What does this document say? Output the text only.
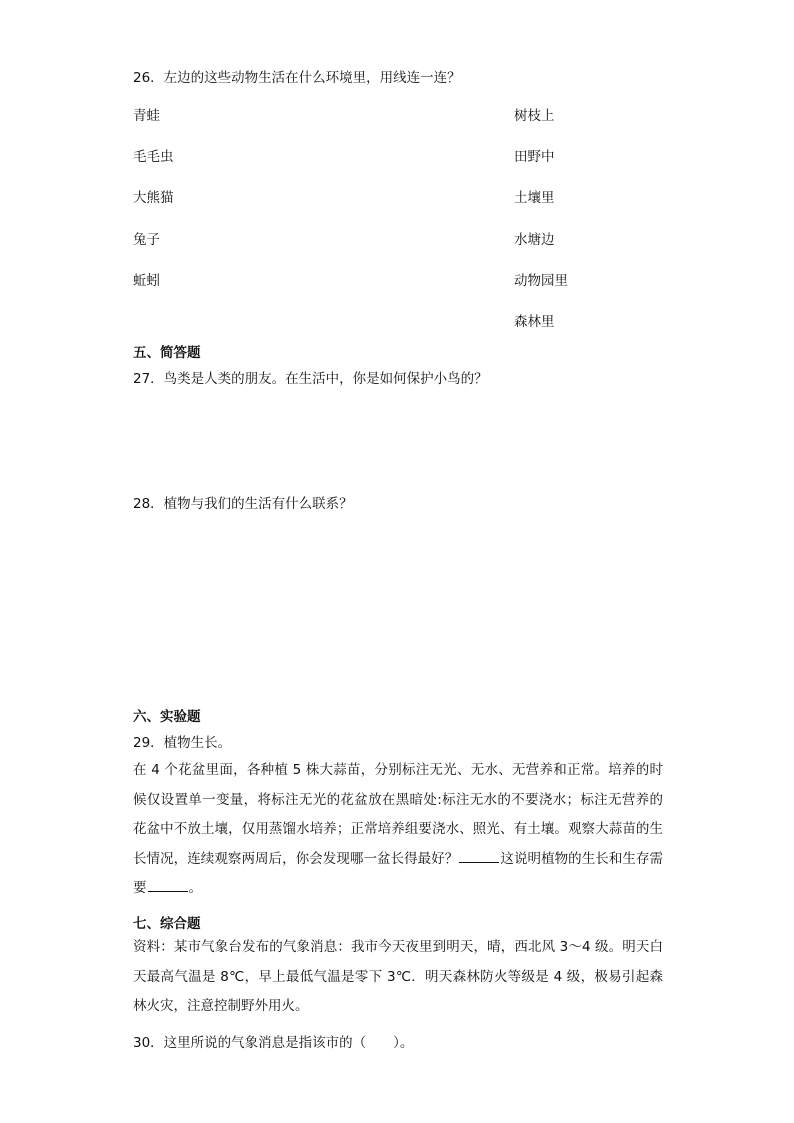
26．左边的这些动物生活在什么环境里，用线连一连？
青蛙
毛毛虫
大熊猫
兔子
蚯蚓
树枝上
田野中
土壤里
水塘边
动物园里
森林里
五、简答题
27．鸟类是人类的朋友。在生活中，你是如何保护小鸟的？
28．植物与我们的生活有什么联系？
六、实验题
29．植物生长。
在 4 个花盆里面，各种植 5 株大蒜苗，分别标注无光、无水、无营养和正常。培养的时候仅设置单一变量，将标注无光的花盆放在黑暗处:标注无水的不要浇水；标注无营养的花盆中不放土壤，仅用蒸馏水培养；正常培养组要浇水、照光、有土壤。观察大蒜苗的生长情况，连续观察两周后，你会发现哪一盆长得最好？	这说明植物的生长和生存需要	。
七、综合题
资料：某市气象台发布的气象消息：我市今天夜里到明天，晴，西北风 3～4 级。明天白天最高气温是 8℃，早上最低气温是零下 3℃．明天森林防火等级是 4 级，极易引起森林火灾，注意控制野外用火。
30．这里所说的气象消息是指该市的（　　）。
